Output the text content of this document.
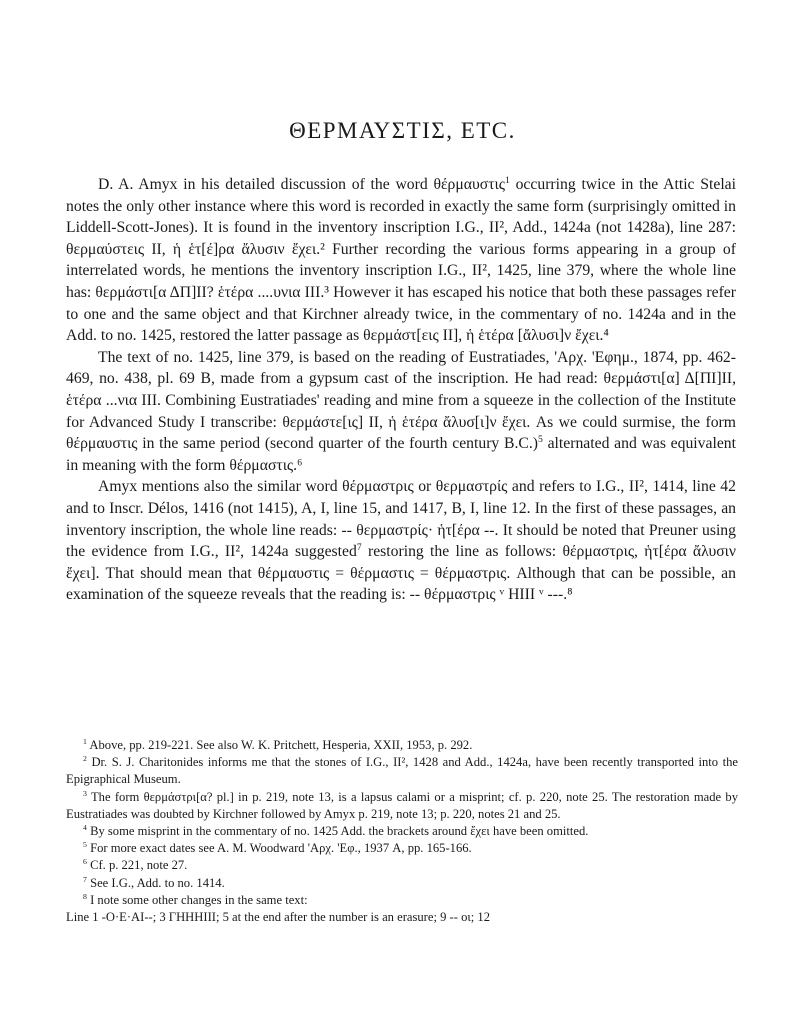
ΘΕΡΜΑΥΣΤΙΣ, ETC.

D. A. Amyx in his detailed discussion of the word θέρμαυστις$^1$ occurring twice in the Attic Stelai notes the only other instance where this word is recorded in exactly the same form (surprisingly omitted in Liddell-Scott-Jones). It is found in the inventory inscription I.G., II², Add., 1424a (not 1428a), line 287: θερμαύστεις ΙΙ, ἡ ἑτ[έ]ρα ἄλυσιν ἔχει.² Further recording the various forms appearing in a group of interrelated words, he mentions the inventory inscription I.G., II², 1425, line 379, where the whole line has: θερμάστι[α ΔΠ]ΙΙ? ἑτέρα ....υνια ΙΙΙ.³ However it has escaped his notice that both these passages refer to one and the same object and that Kirchner already twice, in the commentary of no. 1424a and in the Add. to no. 1425, restored the latter passage as θερμάστ[εις ΙΙ], ἡ ἑτέρα [ἄλυσι]ν ἔχει.⁴

The text of no. 1425, line 379, is based on the reading of Eustratiades, 'Αρχ. 'Εφημ., 1874, pp. 462-469, no. 438, pl. 69 B, made from a gypsum cast of the inscription. He had read: θερμάστι[α] Δ[ΠΙ]ΙΙ, ἑτέρα ...νια ΙΙΙ. Combining Eustratiades' reading and mine from a squeeze in the collection of the Institute for Advanced Study I transcribe: θερμάστε[ις] ΙΙ, ἡ ἑτέρα ἄλυσ[ι]ν ἔχει. As we could surmise, the form θέρμαυστις in the same period (second quarter of the fourth century B.C.)$^5$ alternated and was equivalent in meaning with the form θέρμαστις.⁶

Amyx mentions also the similar word θέρμαστρις or θερμαστρίς and refers to I.G., II², 1414, line 42 and to Inscr. Délos, 1416 (not 1415), A, I, line 15, and 1417, B, I, line 12. In the first of these passages, an inventory inscription, the whole line reads: -- θερμαστρίς· ἡτ[έρα --. It should be noted that Preuner using the evidence from I.G., II², 1424a suggested$^7$ restoring the line as follows: θέρμαστρις, ἡτ[έρα ἄλυσιν ἔχει]. That should mean that θέρμαυστις = θέρμαστις = θέρμαστρις. Although that can be possible, an examination of the squeeze reveals that the reading is: -- θέρμαστρις ᵛ ΗΙΙΙ ᵛ ---.⁸

$^1$ Above, pp. 219-221. See also W. K. Pritchett, Hesperia, XXII, 1953, p. 292.

$^2$ Dr. S. J. Charitonides informs me that the stones of I.G., II², 1428 and Add., 1424a, have been recently transported into the Epigraphical Museum.

$^3$ The form θερμάστρι[α? pl.] in p. 219, note 13, is a lapsus calami or a misprint; cf. p. 220, note 25. The restoration made by Eustratiades was doubted by Kirchner followed by Amyx p. 219, note 13; p. 220, notes 21 and 25.

$^4$ By some misprint in the commentary of no. 1425 Add. the brackets around ἔχει have been omitted.

$^5$ For more exact dates see A. M. Woodward 'Αρχ. 'Εφ., 1937 A, pp. 165-166.

$^6$ Cf. p. 221, note 27.

$^7$ See I.G., Add. to no. 1414.

$^8$ I note some other changes in the same text:

Line 1 -Ο·Ε·ΑΙ--; 3 ΓΗΗΗΙΙΙ; 5 at the end after the number is an erasure; 9 -- οι; 12
